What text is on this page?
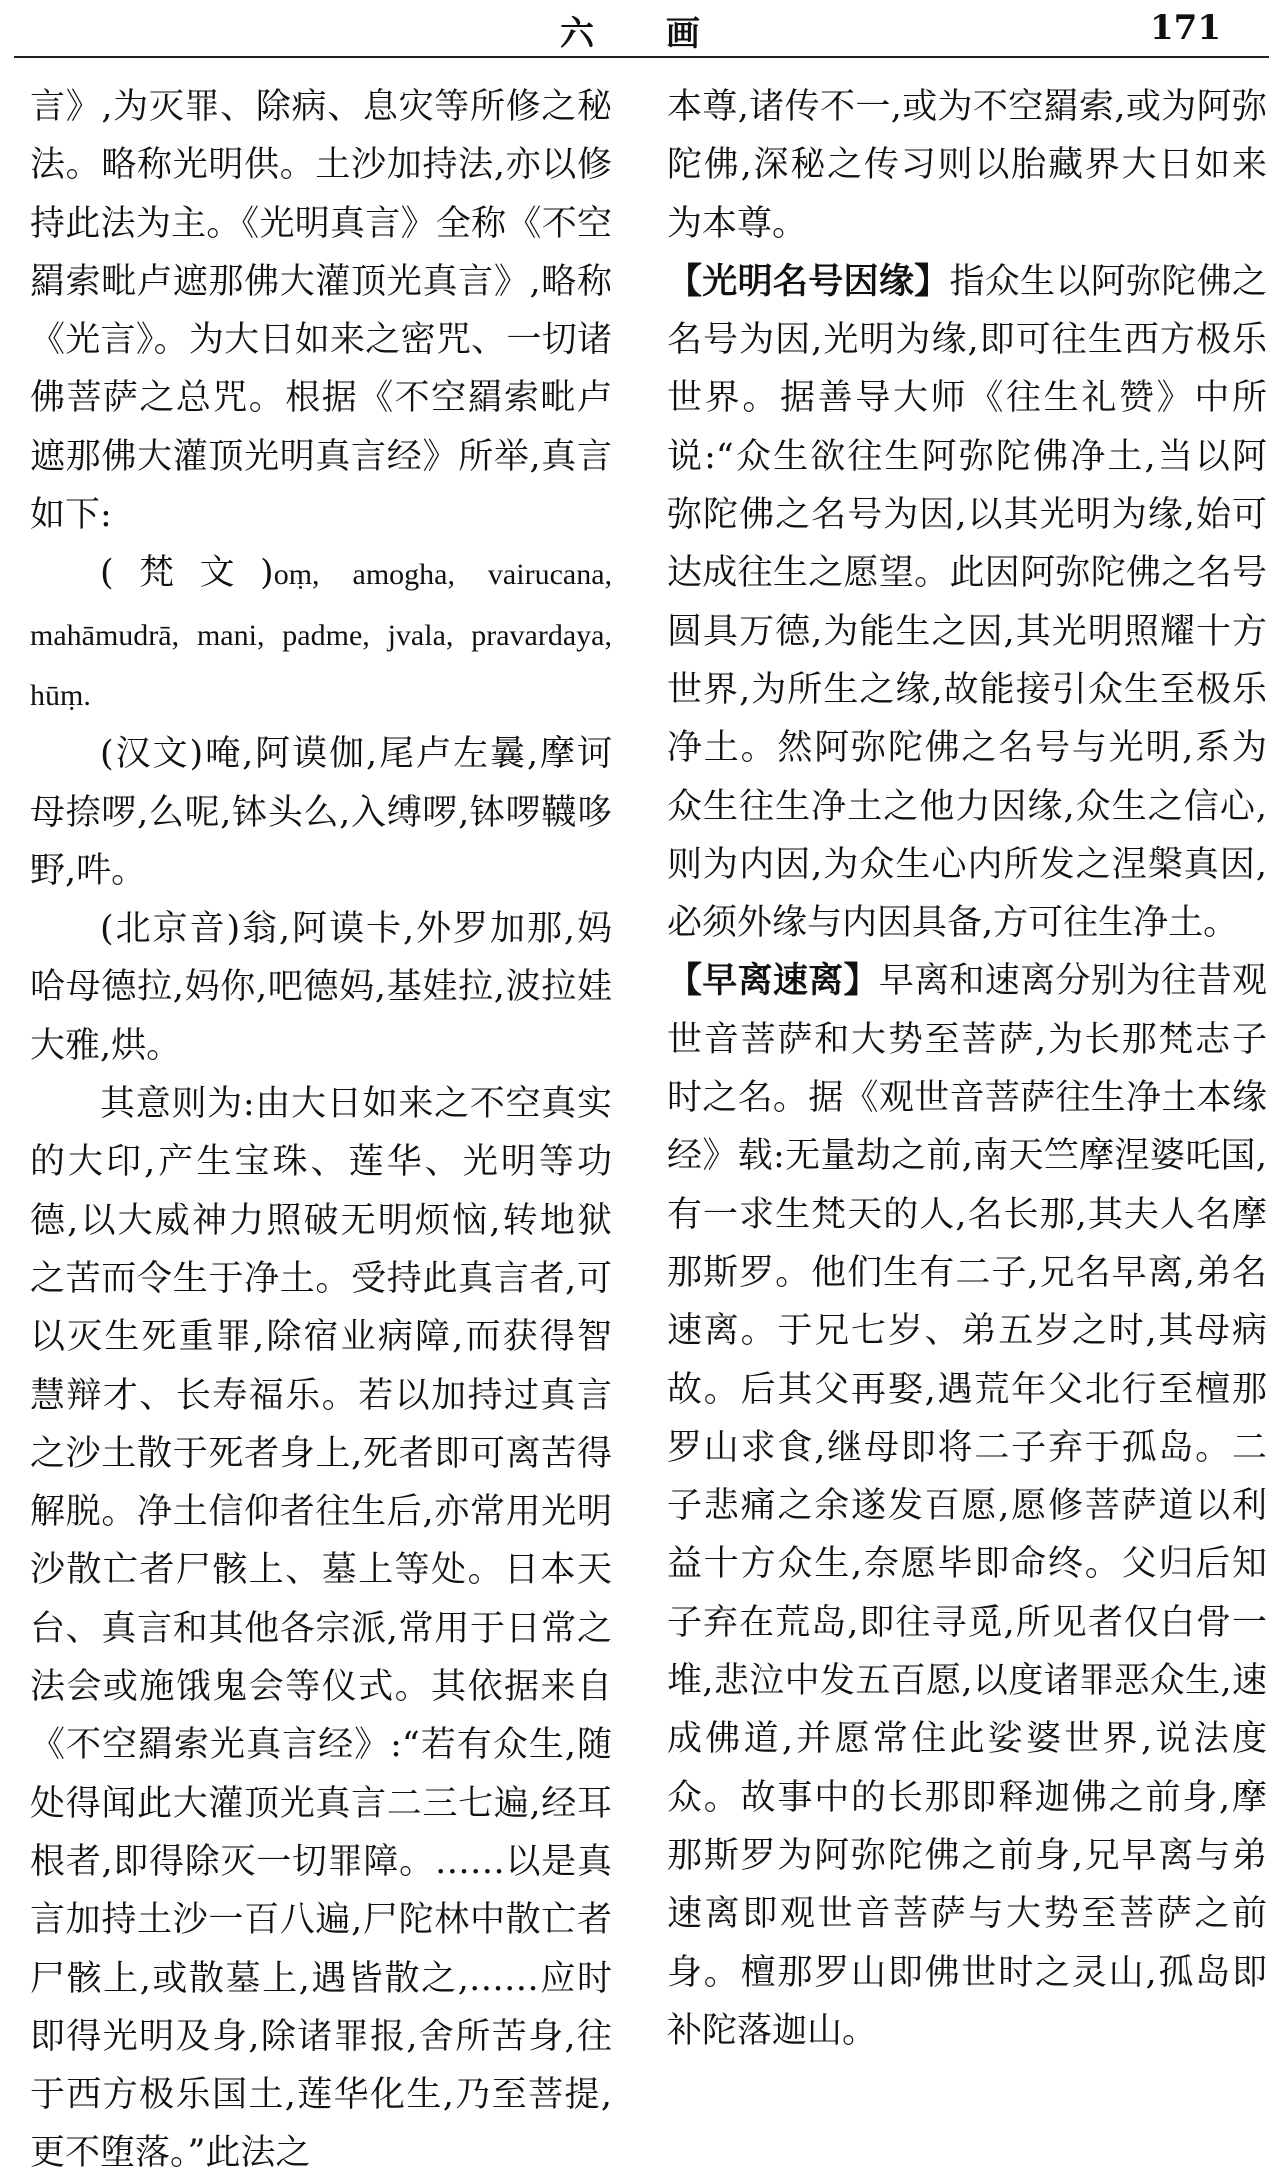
六 画	171

言》,为灭罪、除病、息灾等所修之秘法。略称光明供。土沙加持法,亦以修持此法为主。《光明真言》全称《不空羂索毗卢遮那佛大灌顶光真言》,略称《光言》。为大日如来之密咒、一切诸佛菩萨之总咒。根据《不空羂索毗卢遮那佛大灌顶光明真言经》所举,真言如下:

(梵文)oṃ, amogha, vairucana, mahāmudrā, mani, padme, jvala, pravardaya, hūṃ.

(汉文)唵,阿谟伽,尾卢左曩,摩诃母捺啰,么呢,钵头么,入缚啰,钵啰韈哆野,吽。

(北京音)翁,阿谟卡,外罗加那,妈哈母德拉,妈你,吧德妈,基娃拉,波拉娃大雅,烘。

其意则为:由大日如来之不空真实的大印,产生宝珠、莲华、光明等功德,以大威神力照破无明烦恼,转地狱之苦而令生于净土。受持此真言者,可以灭生死重罪,除宿业病障,而获得智慧辩才、长寿福乐。若以加持过真言之沙土散于死者身上,死者即可离苦得解脱。净土信仰者往生后,亦常用光明沙散亡者尸骸上、墓上等处。日本天台、真言和其他各宗派,常用于日常之法会或施饿鬼会等仪式。其依据来自《不空羂索光真言经》:“若有众生,随处得闻此大灌顶光真言二三七遍,经耳根者,即得除灭一切罪障。……以是真言加持土沙一百八遍,尸陀林中散亡者尸骸上,或散墓上,遇皆散之,……应时即得光明及身,除诸罪报,舍所苦身,往于西方极乐国土,莲华化生,乃至菩提,更不堕落。”此法之

本尊,诸传不一,或为不空羂索,或为阿弥陀佛,深秘之传习则以胎藏界大日如来为本尊。

【光明名号因缘】指众生以阿弥陀佛之名号为因,光明为缘,即可往生西方极乐世界。据善导大师《往生礼赞》中所说:“众生欲往生阿弥陀佛净土,当以阿弥陀佛之名号为因,以其光明为缘,始可达成往生之愿望。此因阿弥陀佛之名号圆具万德,为能生之因,其光明照耀十方世界,为所生之缘,故能接引众生至极乐净土。然阿弥陀佛之名号与光明,系为众生往生净土之他力因缘,众生之信心,则为内因,为众生心内所发之涅槃真因,必须外缘与内因具备,方可往生净土。

【早离速离】早离和速离分别为往昔观世音菩萨和大势至菩萨,为长那梵志子时之名。据《观世音菩萨往生净土本缘经》载:无量劫之前,南天竺摩涅婆吒国,有一求生梵天的人,名长那,其夫人名摩那斯罗。他们生有二子,兄名早离,弟名速离。于兄七岁、弟五岁之时,其母病故。后其父再娶,遇荒年父北行至檀那罗山求食,继母即将二子弃于孤岛。二子悲痛之余遂发百愿,愿修菩萨道以利益十方众生,奈愿毕即命终。父归后知子弃在荒岛,即往寻觅,所见者仅白骨一堆,悲泣中发五百愿,以度诸罪恶众生,速成佛道,并愿常住此娑婆世界,说法度众。故事中的长那即释迦佛之前身,摩那斯罗为阿弥陀佛之前身,兄早离与弟速离即观世音菩萨与大势至菩萨之前身。檀那罗山即佛世时之灵山,孤岛即补陀落迦山。
